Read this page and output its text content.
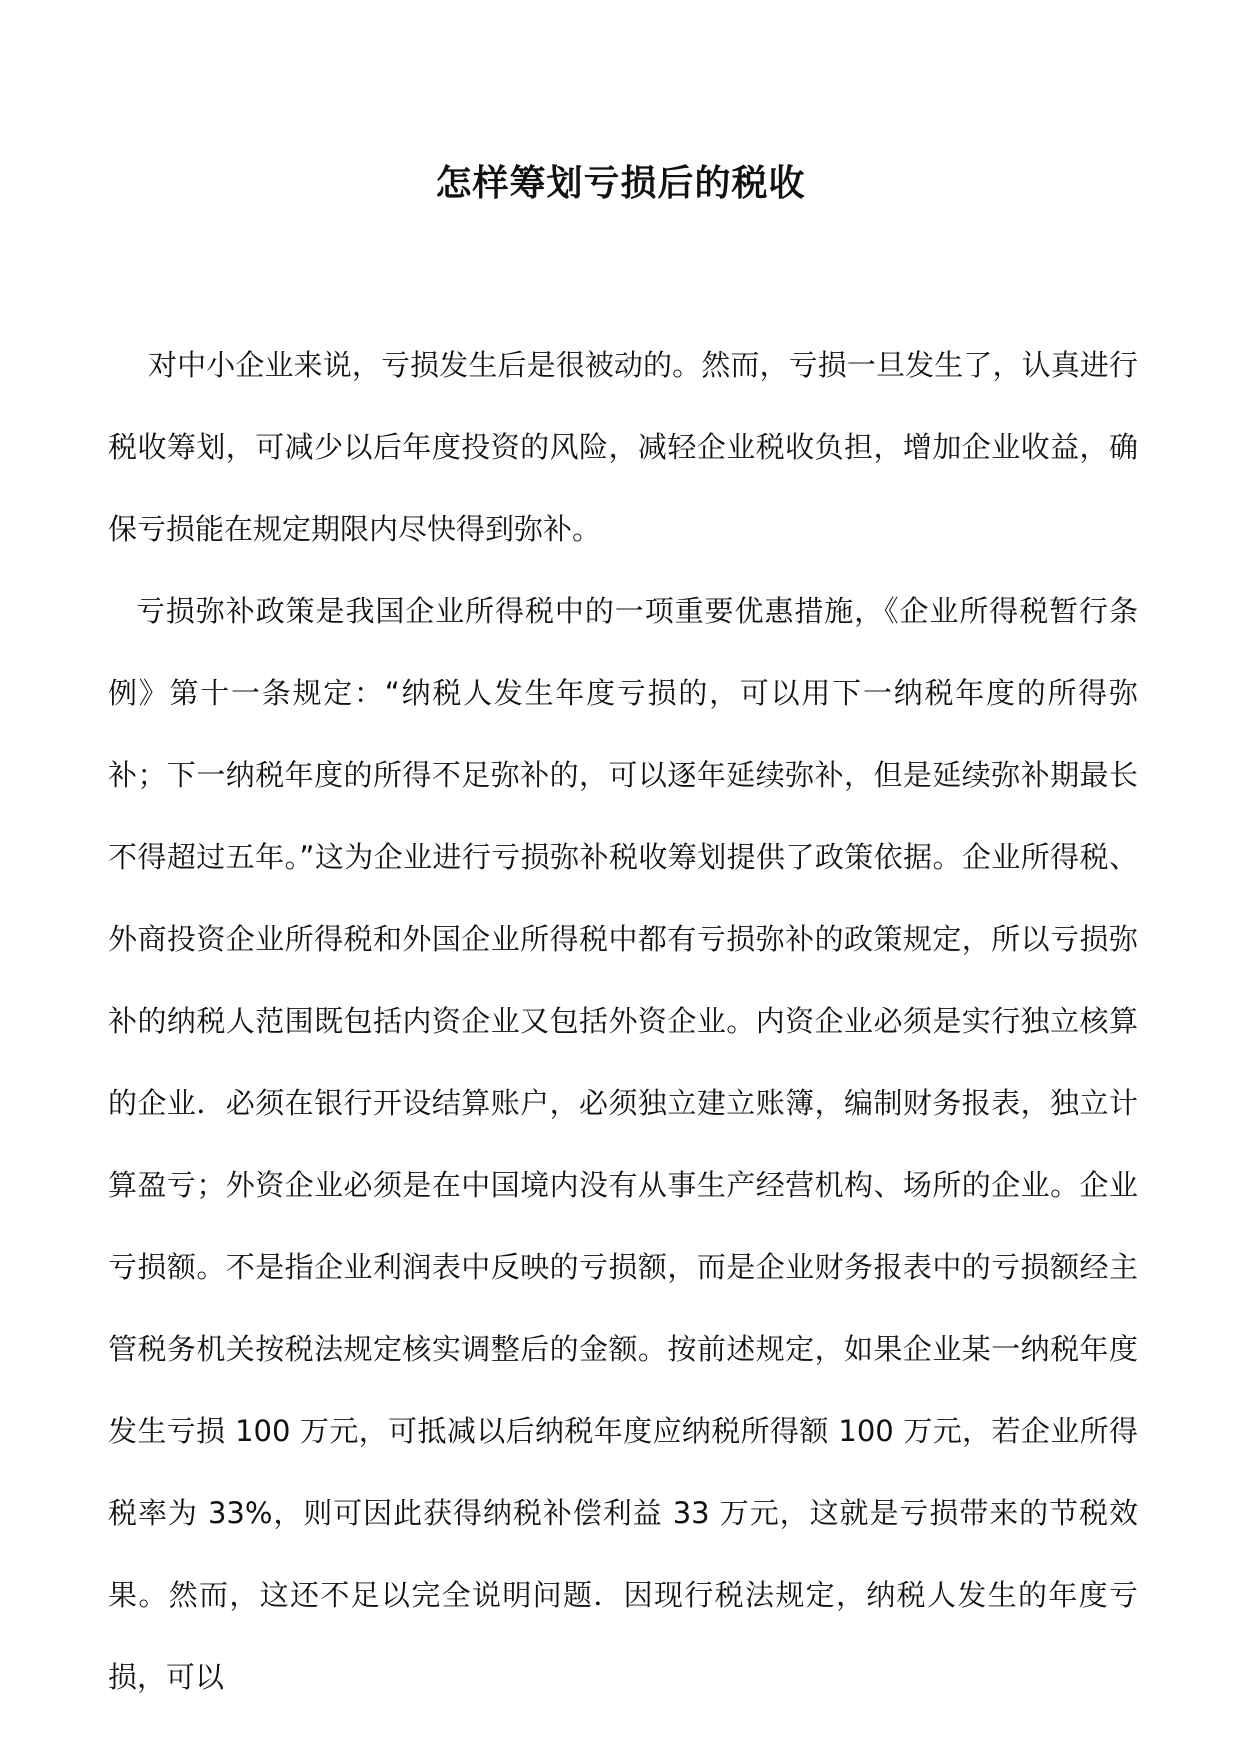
怎样筹划亏损后的税收

对中小企业来说，亏损发生后是很被动的。然而，亏损一旦发生了，认真进行税收筹划，可减少以后年度投资的风险，减轻企业税收负担，增加企业收益，确保亏损能在规定期限内尽快得到弥补。

亏损弥补政策是我国企业所得税中的一项重要优惠措施，《企业所得税暂行条例》第十一条规定：“纳税人发生年度亏损的，可以用下一纳税年度的所得弥补；下一纳税年度的所得不足弥补的，可以逐年延续弥补，但是延续弥补期最长不得超过五年。”这为企业进行亏损弥补税收筹划提供了政策依据。企业所得税、外商投资企业所得税和外国企业所得税中都有亏损弥补的政策规定，所以亏损弥补的纳税人范围既包括内资企业又包括外资企业。内资企业必须是实行独立核算的企业．必须在银行开设结算账户，必须独立建立账簿，编制财务报表，独立计算盈亏；外资企业必须是在中国境内没有从事生产经营机构、场所的企业。企业亏损额。不是指企业利润表中反映的亏损额，而是企业财务报表中的亏损额经主管税务机关按税法规定核实调整后的金额。按前述规定，如果企业某一纳税年度发生亏损 100 万元，可抵减以后纳税年度应纳税所得额 100 万元，若企业所得税率为 33%，则可因此获得纳税补偿利益 33 万元，这就是亏损带来的节税效果。然而，这还不足以完全说明问题．因现行税法规定，纳税人发生的年度亏损，可以
